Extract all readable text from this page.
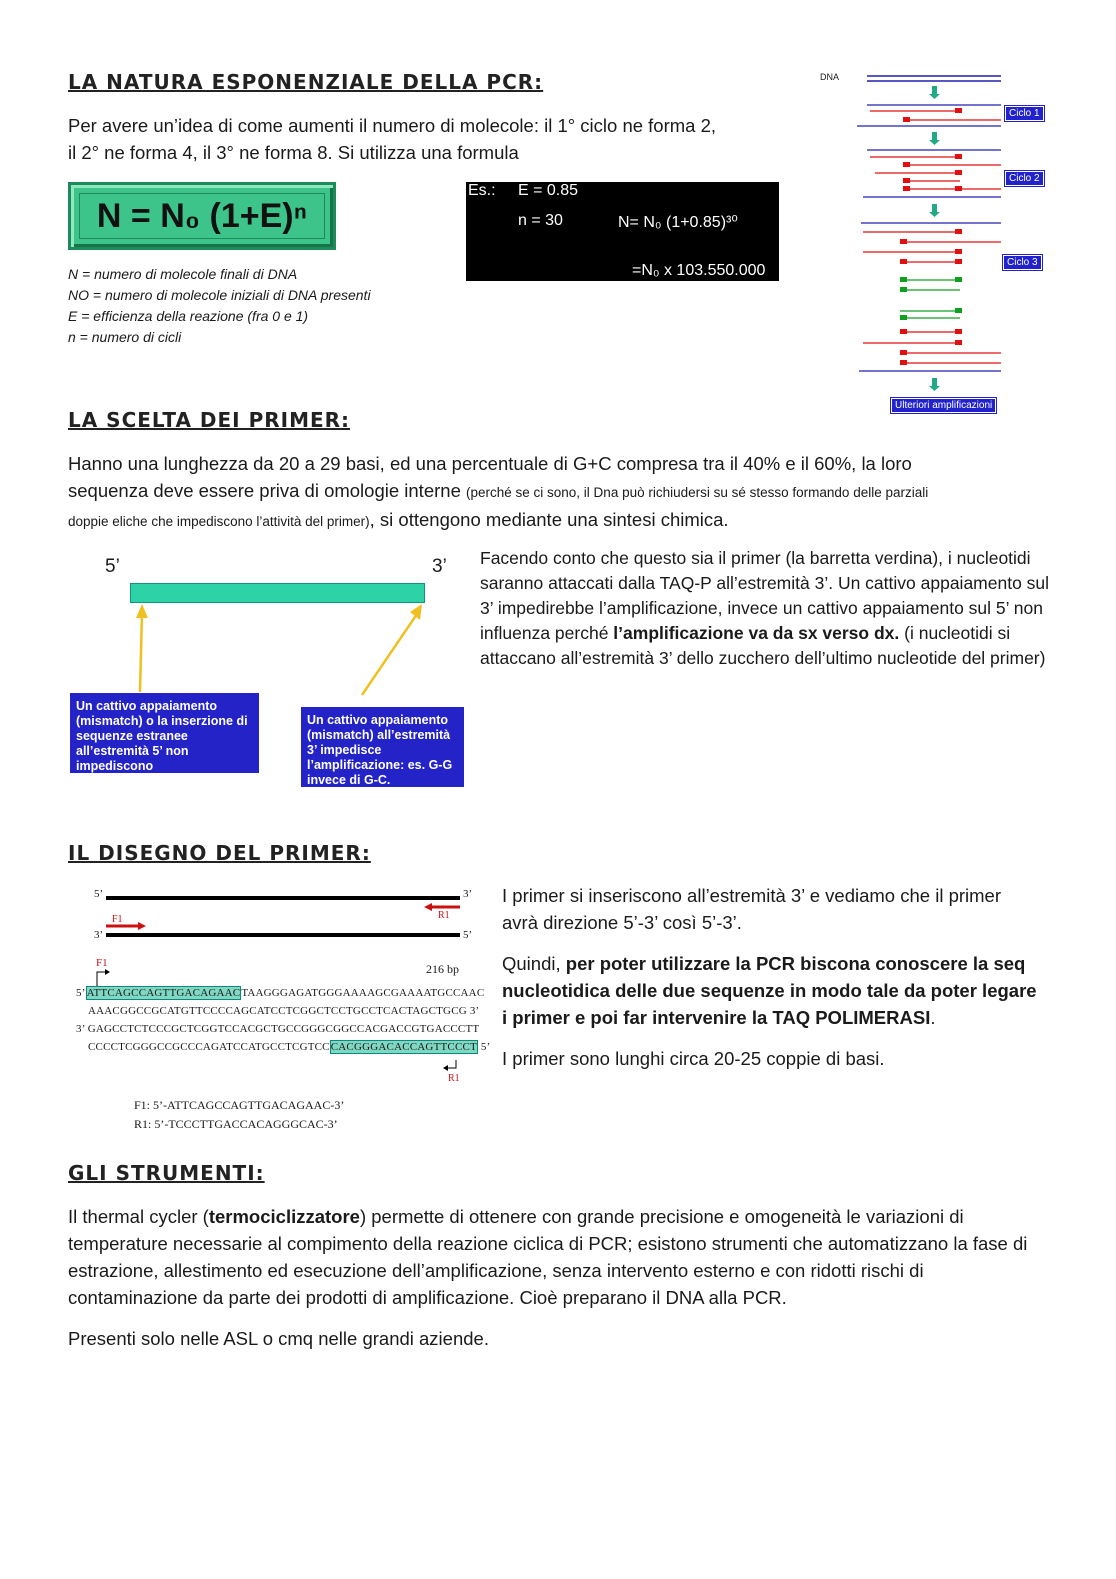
LA NATURA ESPONENZIALE DELLA PCR:
Per avere un’idea di come aumenti il numero di molecole: il 1° ciclo ne forma 2,
il 2° ne forma 4, il 3° ne forma 8. Si utilizza una formula
N = N₀ (1+E)ⁿ
N = numero di molecole finali di DNA
NO = numero di molecole iniziali di DNA presenti
E = efficienza della reazione (fra 0 e 1)
n = numero di cicli
Es.: E = 0.85
n = 30	N= N₀ (1+0.85)³⁰
=N₀ x 103.550.000
DNA
Ciclo 1
Ciclo 2
Ciclo 3
Ulteriori amplificazioni
LA SCELTA DEI PRIMER:
Hanno una lunghezza da 20 a 29 basi, ed una percentuale di G+C compresa tra il 40% e il 60%, la loro
sequenza deve essere priva di omologie interne (perché se ci sono, il Dna può richiudersi su sé stesso formando delle parziali
doppie eliche che impediscono l’attività del primer), si ottengono mediante una sintesi chimica.
5’	3’
Un cattivo appaiamento (mismatch) o la inserzione di sequenze estranee all’estremità 5’ non impediscono l’amplificazione.
Un cattivo appaiamento (mismatch) all’estremità 3’ impedisce l’amplificazione: es. G-G invece di G-C.
Facendo conto che questo sia il primer (la barretta verdina), i nucleotidi saranno attaccati dalla TAQ-P all’estremità 3’. Un cattivo appaiamento sul 3’ impedirebbe l’amplificazione, invece un cattivo appaiamento sul 5’ non influenza perché l’amplificazione va da sx verso dx. (i nucleotidi si attaccano all’estremità 3’ dello zucchero dell’ultimo nucleotide del primer)
IL DISEGNO DEL PRIMER:
5’	3’
F1	R1
3’	5’
F1	216 bp
5’ATTCAGCCAGTTGACAGAACTAAGGGAGATGGGAAAAGCGAAAATGCCAAC
AAACGGCCGCATGTTCCCCAGCATCCTCGGCTCCTGCCTCACTAGCTGCG 3’
3’ GAGCCTCTCCCGCTCGGTCCACGCTGCCGGGCGGCCACGACCGTGACCCTT
CCCCTCGGGCCGCCCAGATCCATGCCTCGTCCCACGGGACACCAGTTCCCT 5’
R1
F1: 5’-ATTCAGCCAGTTGACAGAAC-3’
R1: 5’-TCCCTTGACCACAGGGCAC-3’
I primer si inseriscono all’estremità 3’ e vediamo che il primer avrà direzione 5’-3’ così 5’-3’.
Quindi, per poter utilizzare la PCR bisconа conoscere la seq nucleotidica delle due sequenze in modo tale da poter legare i primer e poi far intervenire la TAQ POLIMERASI.
I primer sono lunghi circa 20-25 coppie di basi.
GLI STRUMENTI:
Il thermal cycler (termociclizzatore) permette di ottenere con grande precisione e omogeneità le variazioni di temperature necessarie al compimento della reazione ciclica di PCR; esistono strumenti che automatizzano la fase di estrazione, allestimento ed esecuzione dell’amplificazione, senza intervento esterno e con ridotti rischi di contaminazione da parte dei prodotti di amplificazione. Cioè preparano il DNA alla PCR.
Presenti solo nelle ASL o cmq nelle grandi aziende.
